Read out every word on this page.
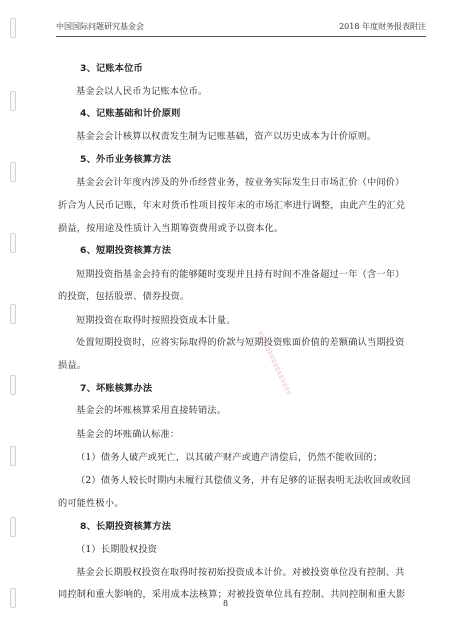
中国国际问题研究基金会	2018 年度财务报表附注
3、记账本位币
基金会以人民币为记账本位币。
4、记账基础和计价原则
基金会会计核算以权责发生制为记账基础，资产以历史成本为计价原则。
5、外币业务核算方法
基金会会计年度内涉及的外币经营业务，按业务实际发生日市场汇价（中间价）
折合为人民币记账，年末对货币性项目按年末的市场汇率进行调整，由此产生的汇兑
损益，按用途及性质计入当期筹资费用或予以资本化。
6、短期投资核算方法
短期投资指基金会持有的能够随时变现并且持有时间不准备超过一年（含一年）
的投资，包括股票、债券投资。
短期投资在取得时按照投资成本计量。
处置短期投资时，应将实际取得的价款与短期投资账面价值的差额确认当期投资
损益。
7、坏账核算办法
基金会的坏账核算采用直接转销法。
基金会的坏账确认标准：
（1）债务人破产或死亡，以其破产财产或遗产清偿后，仍然不能收回的；
（2）债务人较长时期内未履行其偿债义务，并有足够的证据表明无法收回或收回
的可能性极小。
8、长期投资核算方法
（1）长期股权投资
基金会长期股权投资在取得时按初始投资成本计价。对被投资单位没有控制、共
同控制和重大影响的，采用成本法核算；对被投资单位具有控制、共同控制和重大影
⠿⠿⠿⠿⠿⠿⠿⠿⠿⠿⠿⠿⠿⠿⠿⠿
8
